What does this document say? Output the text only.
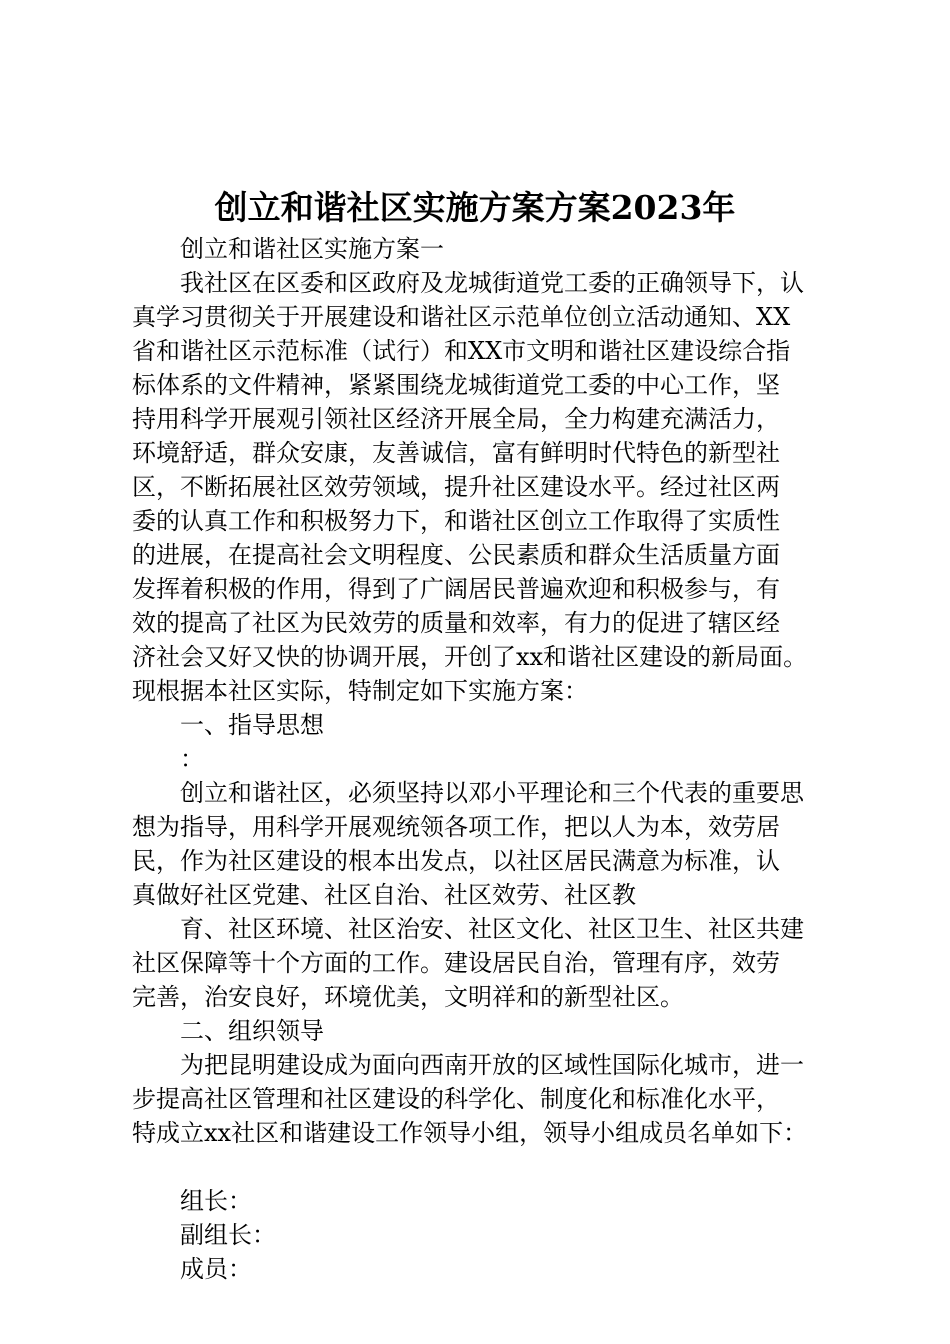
创立和谐社区实施方案方案2023年
创立和谐社区实施方案一
我社区在区委和区政府及龙城街道党工委的正确领导下，认
真学习贯彻关于开展建设和谐社区示范单位创立活动通知、XX
省和谐社区示范标准（试行）和XX市文明和谐社区建设综合指
标体系的文件精神，紧紧围绕龙城街道党工委的中心工作，坚
持用科学开展观引领社区经济开展全局，全力构建充满活力，
环境舒适，群众安康，友善诚信，富有鲜明时代特色的新型社
区，不断拓展社区效劳领域，提升社区建设水平。经过社区两
委的认真工作和积极努力下，和谐社区创立工作取得了实质性
的进展，在提高社会文明程度、公民素质和群众生活质量方面
发挥着积极的作用，得到了广阔居民普遍欢迎和积极参与，有
效的提高了社区为民效劳的质量和效率，有力的促进了辖区经
济社会又好又快的协调开展，开创了xx和谐社区建设的新局面。
现根据本社区实际，特制定如下实施方案：
一、指导思想
：
创立和谐社区，必须坚持以邓小平理论和三个代表的重要思
想为指导，用科学开展观统领各项工作，把以人为本，效劳居
民，作为社区建设的根本出发点，以社区居民满意为标准，认
真做好社区党建、社区自治、社区效劳、社区教
育、社区环境、社区治安、社区文化、社区卫生、社区共建
社区保障等十个方面的工作。建设居民自治，管理有序，效劳
完善，治安良好，环境优美，文明祥和的新型社区。
二、组织领导
为把昆明建设成为面向西南开放的区域性国际化城市，进一
步提高社区管理和社区建设的科学化、制度化和标准化水平，
特成立xx社区和谐建设工作领导小组，领导小组成员名单如下：
组长：
副组长：
成员：
